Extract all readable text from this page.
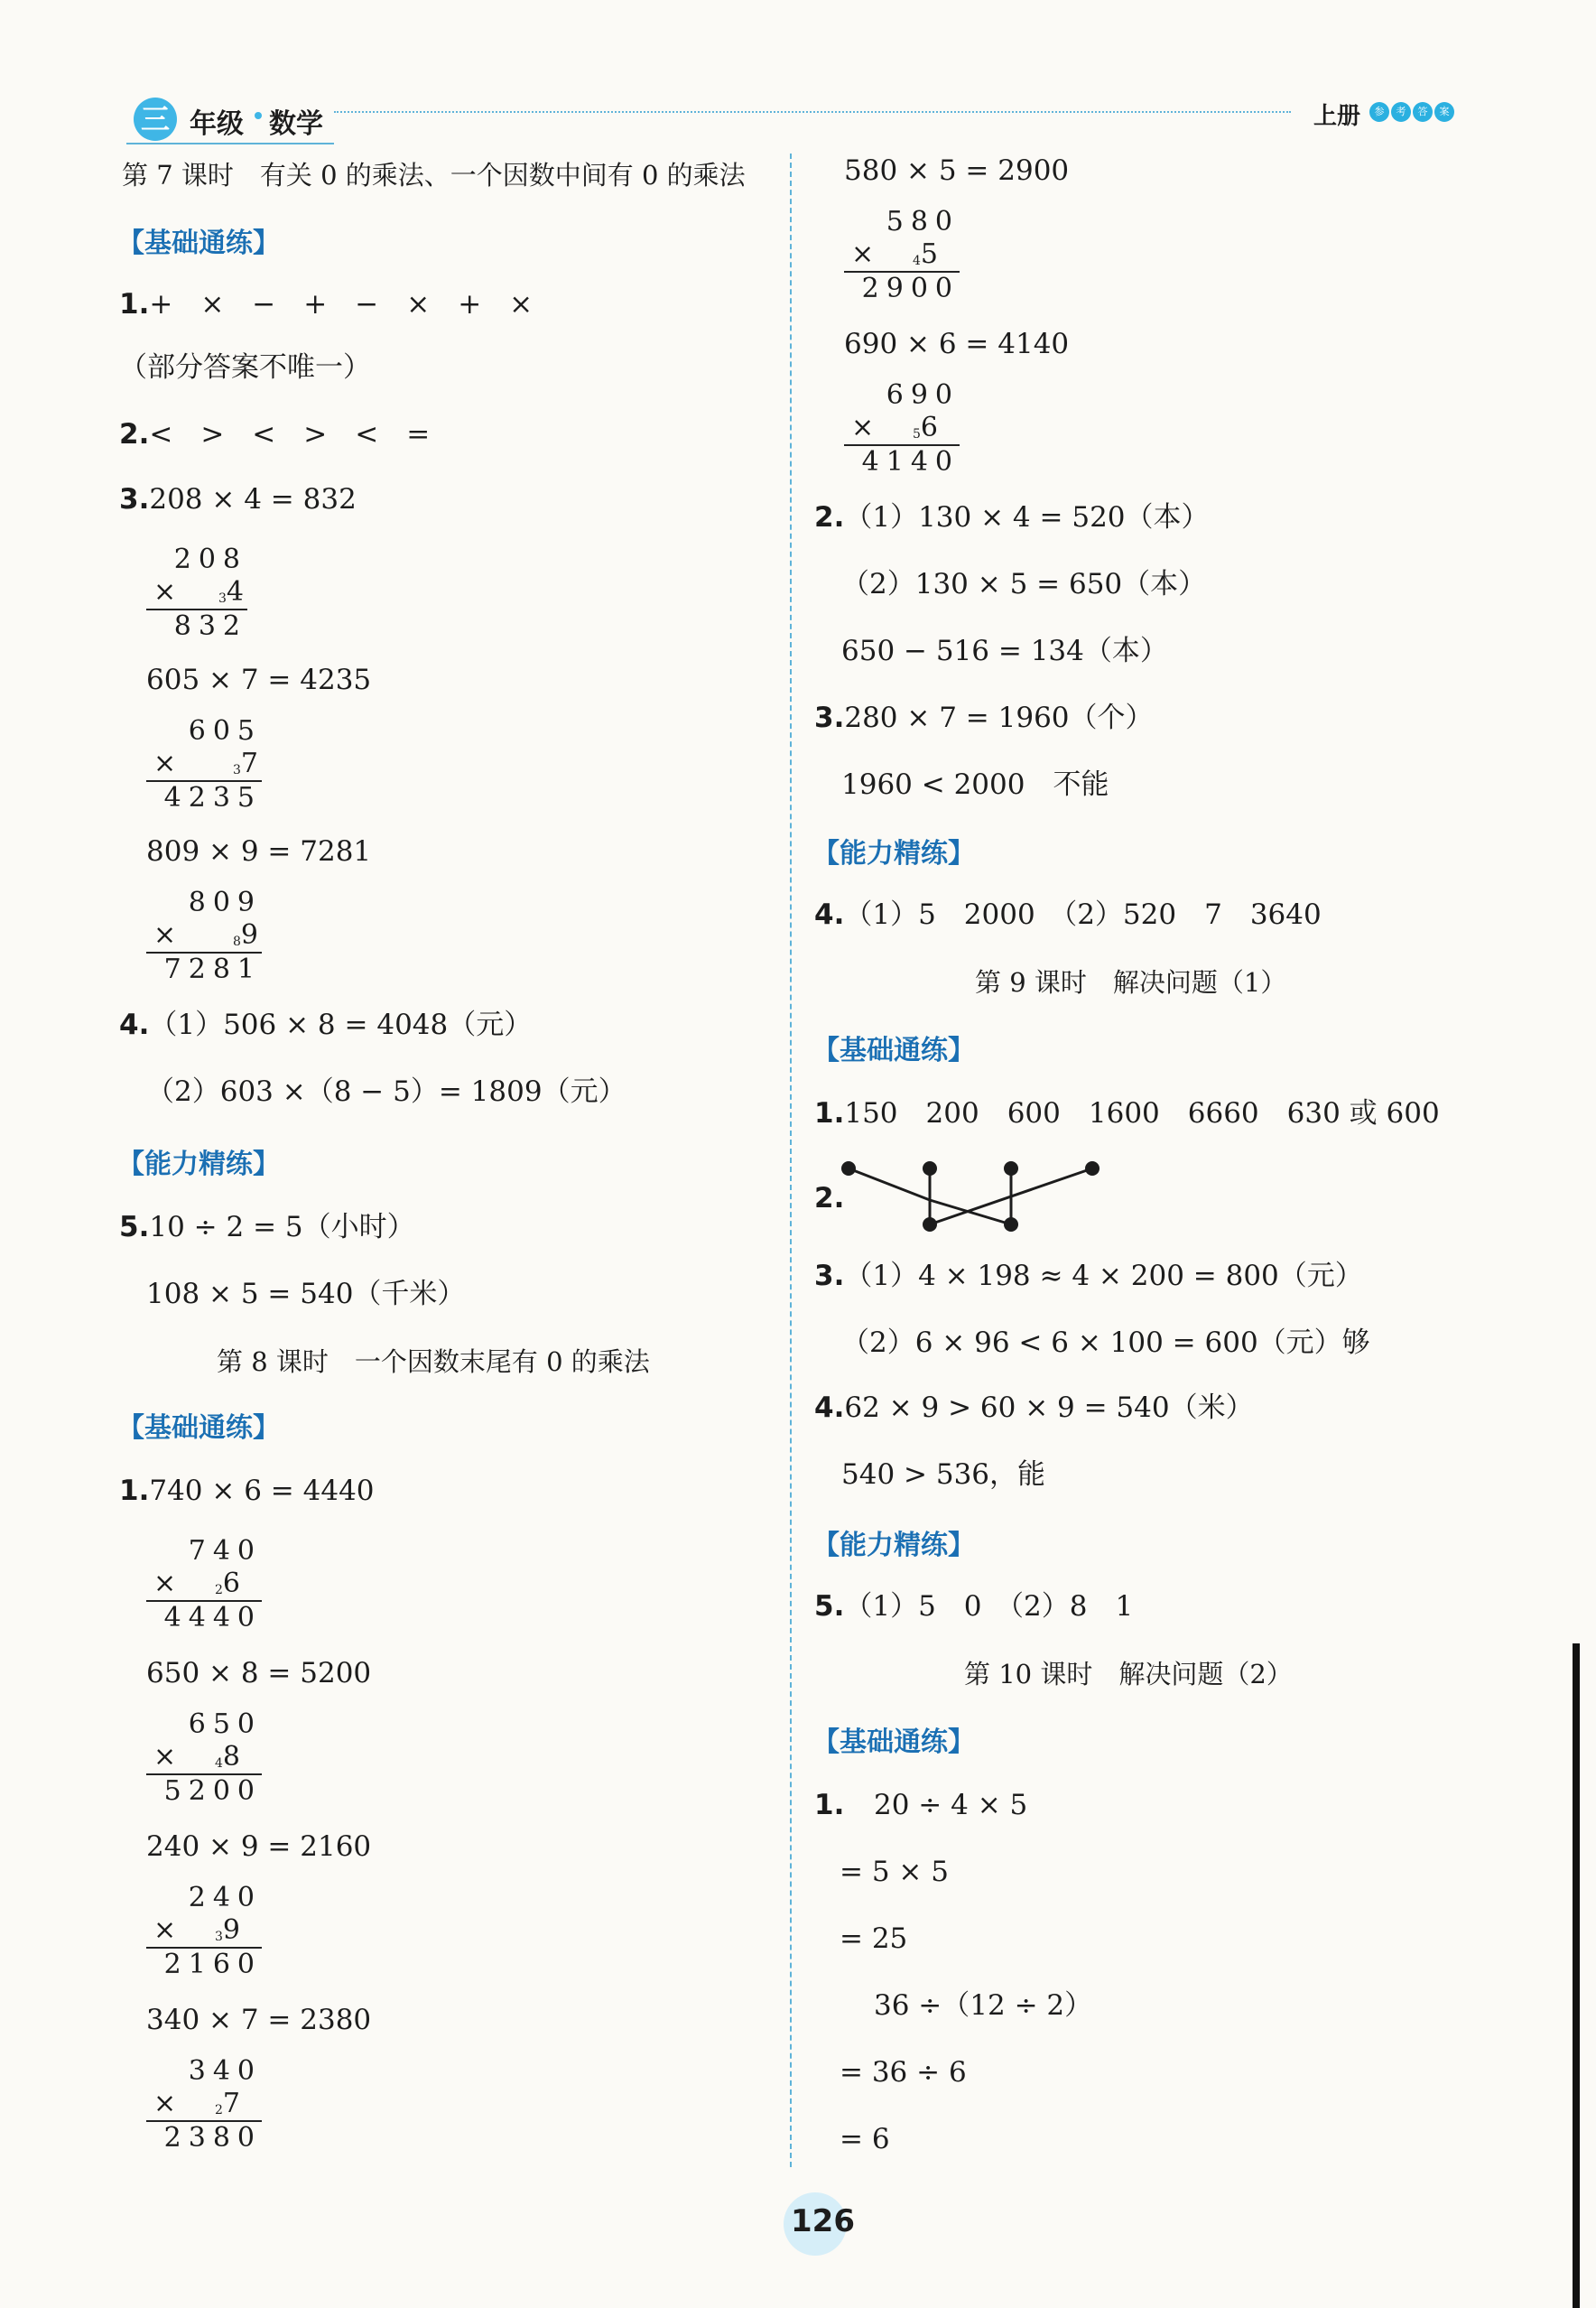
三 年级 数学	上册	参 考 答 案
第 7 课时　有关 0 的乘法、一个因数中间有 0 的乘法
【基础通练】
1.+　×　−　+　−　×　+　×
（部分答案不唯一）
2.<　>　<　>　<　=
3.208 × 4 = 832
208
×	$_3$4
832
605 × 7 = 4235
605
×	$_3$7
4235
809 × 9 = 7281
809
×	$_8$9
7281
4.（1）506 × 8 = 4048（元）
（2）603 ×（8 − 5）= 1809（元）
【能力精练】
5.10 ÷ 2 = 5（小时）
108 × 5 = 540（千米）
第 8 课时　一个因数末尾有 0 的乘法
【基础通练】
1.740 × 6 = 4440
740
×	$_2$6
4440
650 × 8 = 5200
650
×	$_4$8
5200
240 × 9 = 2160
240
×	$_3$9
2160
340 × 7 = 2380
340
×	$_2$7
2380
580 × 5 = 2900
580
×	$_4$5
2900
690 × 6 = 4140
690
×	$_5$6
4140
2.（1）130 × 4 = 520（本）
（2）130 × 5 = 650（本）
650 − 516 = 134（本）
3.280 × 7 = 1960（个）
1960 < 2000　不能
【能力精练】
4.（1）5　2000　（2）520　7　3640
第 9 课时　解决问题（1）
【基础通练】
1.150　200　600　1600　6660　630 或 600
2.
3.（1）4 × 198 ≈ 4 × 200 = 800（元）
（2）6 × 96 < 6 × 100 = 600（元）够
4.62 × 9 > 60 × 9 = 540（米）
540 > 536，能
【能力精练】
5.（1）5　0　（2）8　1
第 10 课时　解决问题（2）
【基础通练】
1. 20 ÷ 4 × 5
= 5 × 5
= 25
36 ÷（12 ÷ 2）
= 36 ÷ 6
= 6
126
